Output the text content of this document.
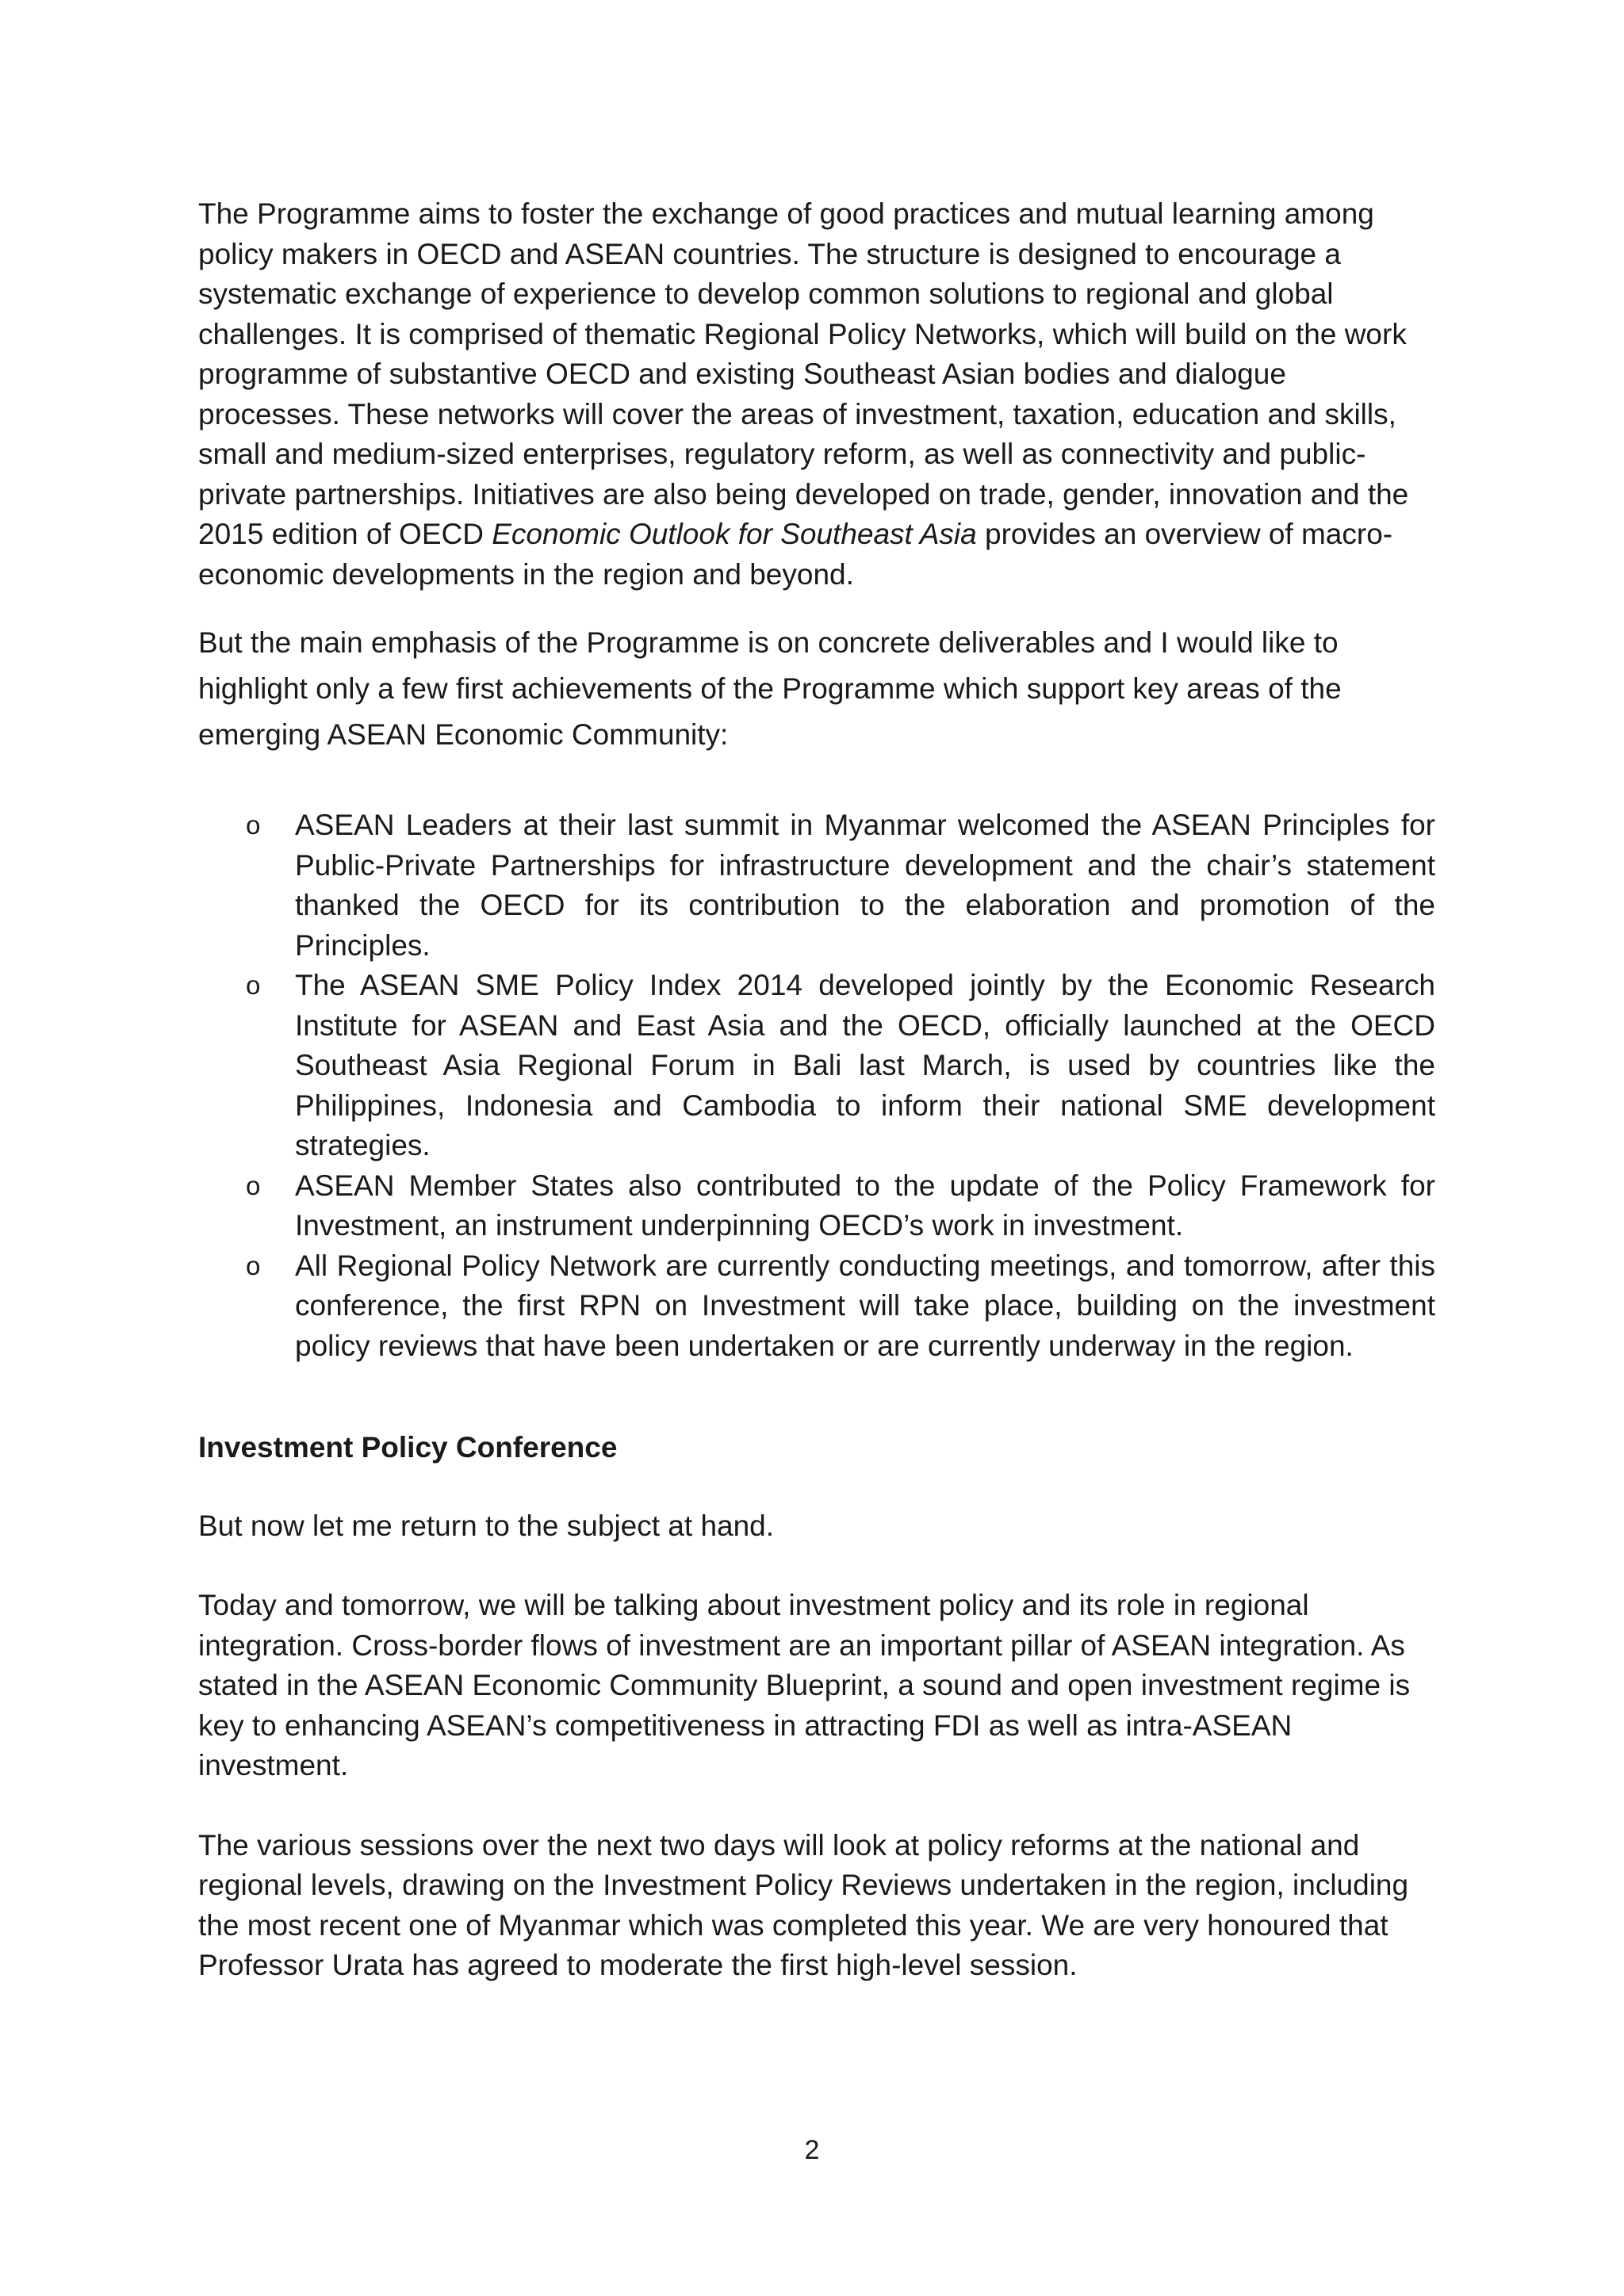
The Programme aims to foster the exchange of good practices and mutual learning among policy makers in OECD and ASEAN countries. The structure is designed to encourage a systematic exchange of experience to develop common solutions to regional and global challenges. It is comprised of thematic Regional Policy Networks, which will build on the work programme of substantive OECD and existing Southeast Asian bodies and dialogue processes. These networks will cover the areas of investment, taxation, education and skills, small and medium-sized enterprises, regulatory reform, as well as connectivity and public-private partnerships. Initiatives are also being developed on trade, gender, innovation and the 2015 edition of OECD Economic Outlook for Southeast Asia provides an overview of macro-economic developments in the region and beyond.

But the main emphasis of the Programme is on concrete deliverables and I would like to highlight only a few first achievements of the Programme which support key areas of the emerging ASEAN Economic Community:

o ASEAN Leaders at their last summit in Myanmar welcomed the ASEAN Principles for Public-Private Partnerships for infrastructure development and the chair’s statement thanked the OECD for its contribution to the elaboration and promotion of the Principles.
o The ASEAN SME Policy Index 2014 developed jointly by the Economic Research Institute for ASEAN and East Asia and the OECD, officially launched at the OECD Southeast Asia Regional Forum in Bali last March, is used by countries like the Philippines, Indonesia and Cambodia to inform their national SME development strategies.
o ASEAN Member States also contributed to the update of the Policy Framework for Investment, an instrument underpinning OECD’s work in investment.
o All Regional Policy Network are currently conducting meetings, and tomorrow, after this conference, the first RPN on Investment will take place, building on the investment policy reviews that have been undertaken or are currently underway in the region.
Investment Policy Conference

But now let me return to the subject at hand.

Today and tomorrow, we will be talking about investment policy and its role in regional integration. Cross-border flows of investment are an important pillar of ASEAN integration. As stated in the ASEAN Economic Community Blueprint, a sound and open investment regime is key to enhancing ASEAN’s competitiveness in attracting FDI as well as intra-ASEAN investment.

The various sessions over the next two days will look at policy reforms at the national and regional levels, drawing on the Investment Policy Reviews undertaken in the region, including the most recent one of Myanmar which was completed this year. We are very honoured that Professor Urata has agreed to moderate the first high-level session.

2
